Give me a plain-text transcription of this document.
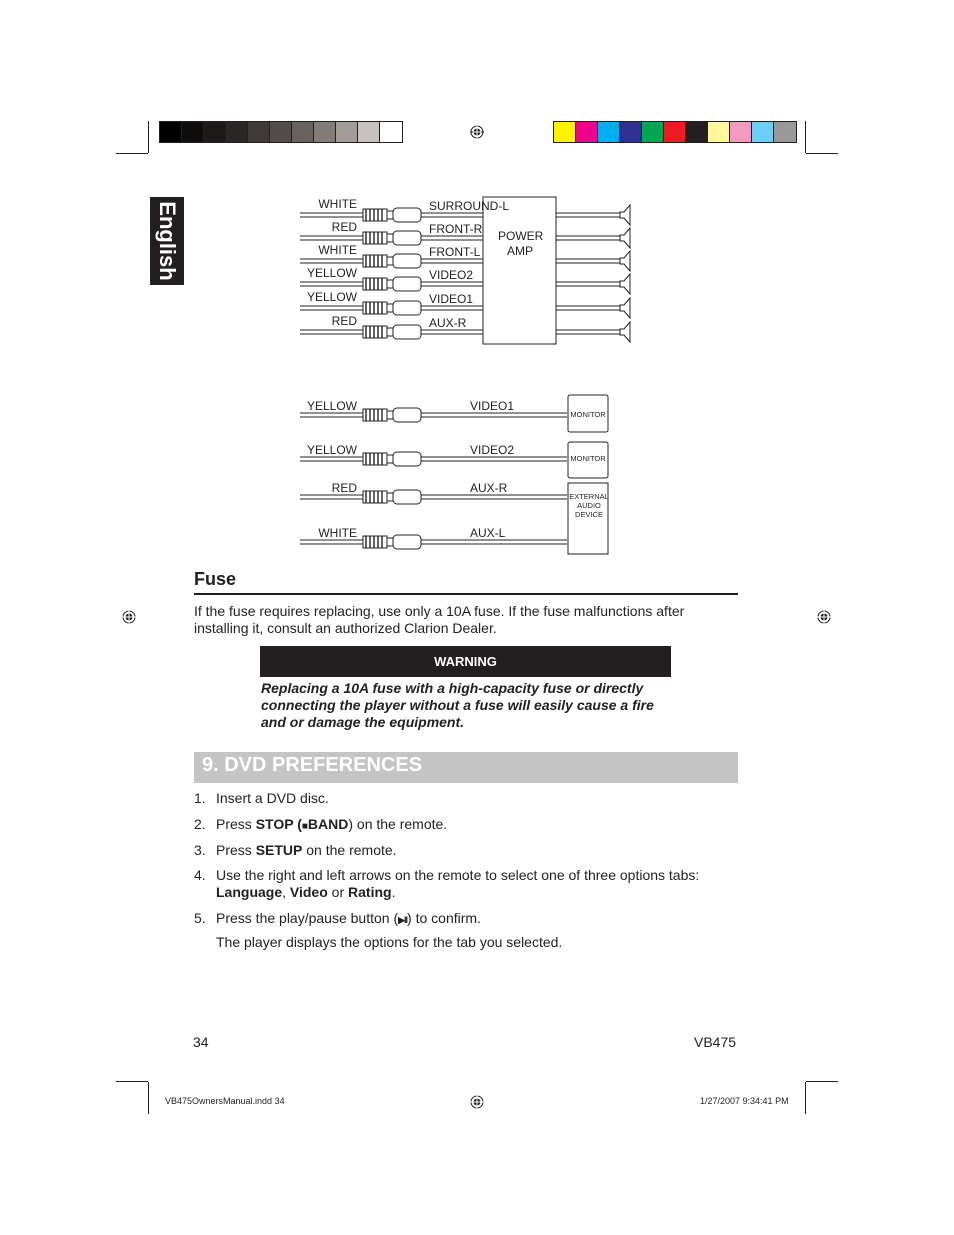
English	WHITE	SURROUND-L
RED	FRONT-R
WHITE	FRONT-L
YELLOW	VIDEO2
YELLOW	VIDEO1
RED	AUX-R
POWER
AMP
YELLOW	VIDEO1
YELLOW	VIDEO2
RED	AUX-R
WHITE	AUX-L
MONITOR
MONITOR
EXTERNAL
AUDIO
DEVICE
Fuse
If the fuse requires replacing, use only a 10A fuse. If the fuse malfunctions after
installing it, consult an authorized Clarion Dealer.
WARNING
Replacing a 10A fuse with a high-capacity fuse or directly
connecting the player without a fuse will easily cause a fire
and or damage the equipment.
9. DVD PREFERENCES
1. Insert a DVD disc.
2. Press STOP (■BAND) on the remote.
3. Press SETUP on the remote.
4. Use the right and left arrows on the remote to select one of three options tabs:
Language, Video or Rating.
5. Press the play/pause button (▶II) to confirm.
The player displays the options for the tab you selected.
34	VB475
VB475OwnersManual.indd 34	1/27/2007 9:34:41 PM
